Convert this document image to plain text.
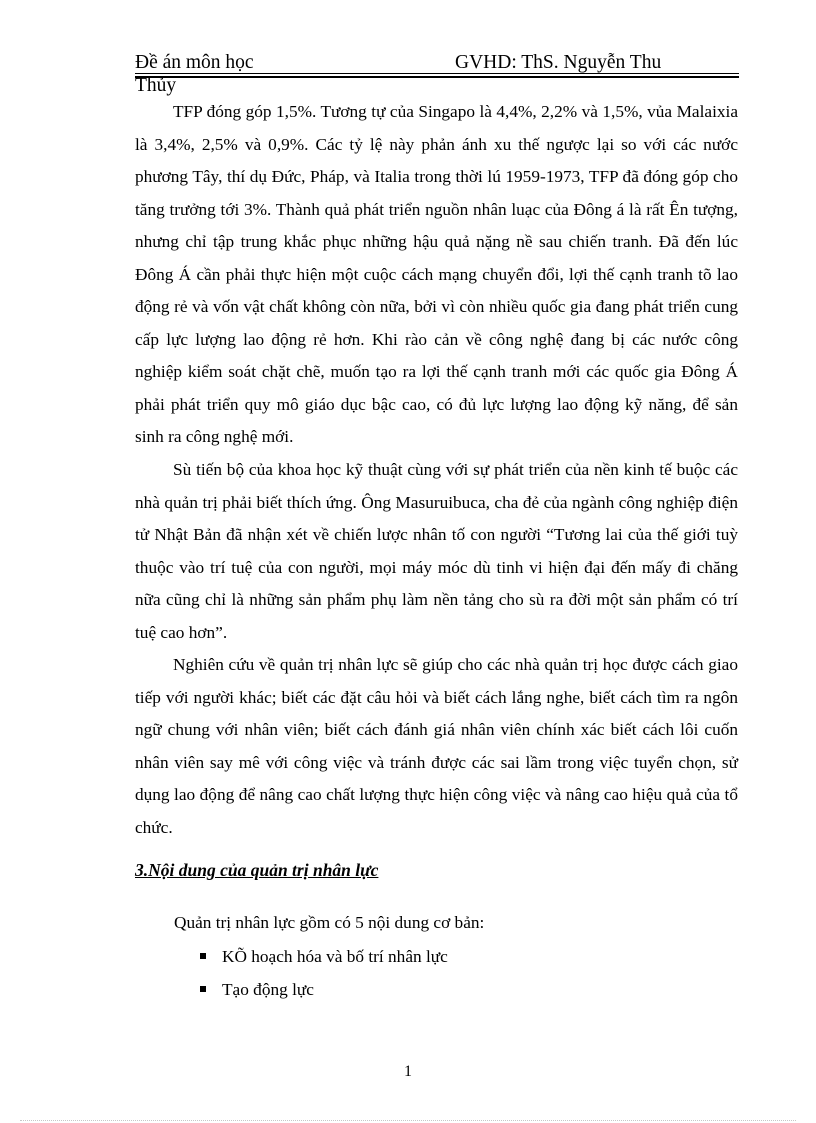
Đề án môn học	GVHD: ThS. Nguyễn Thu
Thủy

TFP đóng góp 1,5%. Tương tự của Singapo là 4,4%, 2,2% và 1,5%, vủa Malaixia là 3,4%, 2,5% và 0,9%. Các tỷ lệ này phản ánh xu thế ngược lại so với các nước phương Tây, thí dụ Đức, Pháp, và Italia trong thời lú 1959-1973, TFP đã đóng góp cho tăng trưởng tới 3%. Thành quả phát triển nguồn nhân luạc của Đông á là rất Ên tượng, nhưng chỉ tập trung khắc phục những hậu quả nặng nề sau chiến tranh. Đã đến lúc Đông Á cần phải thực hiện một cuộc cách mạng chuyển đổi, lợi thế cạnh tranh tõ lao động rẻ và vốn vật chất không còn nữa, bởi vì còn nhiều quốc gia đang phát triển cung cấp lực lượng lao động rẻ hơn. Khi rào cản về công nghệ đang bị các nước công nghiệp kiểm soát chặt chẽ, muốn tạo ra lợi thế cạnh tranh mới các quốc gia Đông Á phải phát triển quy mô giáo dục bậc cao, có đủ lực lượng lao động kỹ năng, để sản sinh ra công nghệ mới.

Sù tiến bộ của khoa học kỹ thuật cùng với sự phát triển của nền kinh tế buộc các nhà quản trị phải biết thích ứng. Ông Masuruibuca, cha đẻ của ngành công nghiệp điện tử Nhật Bản đã nhận xét về chiến lược nhân tố con người “Tương lai của thế giới tuỳ thuộc vào trí tuệ của con người, mọi máy móc dù tinh vi hiện đại đến mấy đi chăng nữa cũng chỉ là những sản phẩm phụ làm nền tảng cho sù ra đời một sản phẩm có trí tuệ cao hơn”.

Nghiên cứu về quản trị nhân lực sẽ giúp cho các nhà quản trị học được cách giao tiếp với người khác; biết các đặt câu hỏi và biết cách lắng nghe, biết cách tìm ra ngôn ngữ chung với nhân viên; biết cách đánh giá nhân viên chính xác biết cách lôi cuốn nhân viên say mê với công việc và tránh được các sai lầm trong việc tuyển chọn, sử dụng lao động để nâng cao chất lượng thực hiện công việc và nâng cao hiệu quả của tổ chức.

3.Nội dung của quản trị nhân lực
Quản trị nhân lực gồm có 5 nội dung cơ bản:
KÕ hoạch hóa và bố trí nhân lực
Tạo động lực
1
